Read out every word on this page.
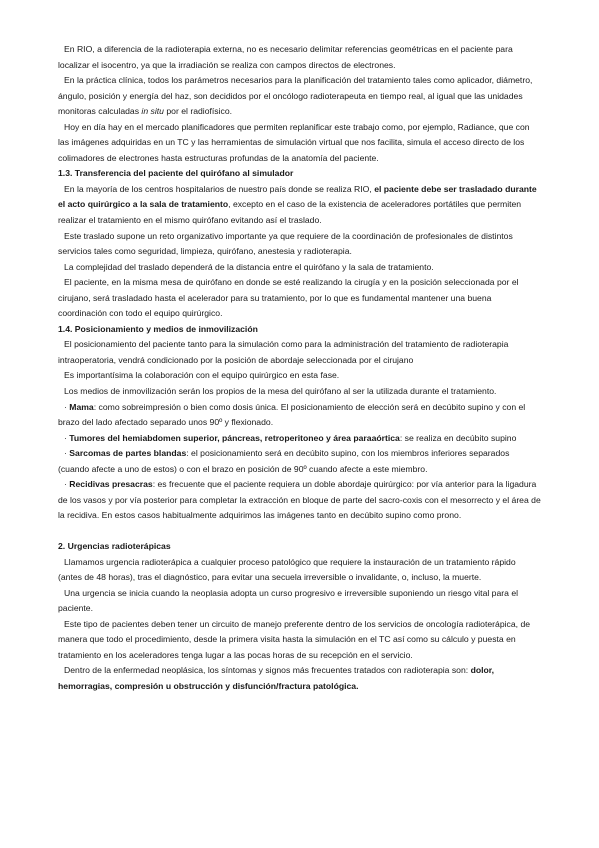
En RIO, a diferencia de la radioterapia externa, no es necesario delimitar referencias geométricas en el paciente para localizar el isocentro, ya que la irradiación se realiza con campos directos de electrones.

En la práctica clínica, todos los parámetros necesarios para la planificación del tratamiento tales como aplicador, diámetro, ángulo, posición y energía del haz, son decididos por el oncólogo radioterapeuta en tiempo real, al igual que las unidades monitoras calculadas in situ por el radiofísico.

Hoy en día hay en el mercado planificadores que permiten replanificar este trabajo como, por ejemplo, Radiance, que con las imágenes adquiridas en un TC y las herramientas de simulación virtual que nos facilita, simula el acceso directo de los colimadores de electrones hasta estructuras profundas de la anatomía del paciente.

1.3. Transferencia del paciente del quirófano al simulador

En la mayoría de los centros hospitalarios de nuestro país donde se realiza RIO, el paciente debe ser trasladado durante el acto quirúrgico a la sala de tratamiento, excepto en el caso de la existencia de aceleradores portátiles que permiten realizar el tratamiento en el mismo quirófano evitando así el traslado.

Este traslado supone un reto organizativo importante ya que requiere de la coordinación de profesionales de distintos servicios tales como seguridad, limpieza, quirófano, anestesia y radioterapia.

La complejidad del traslado dependerá de la distancia entre el quirófano y la sala de tratamiento.

El paciente, en la misma mesa de quirófano en donde se esté realizando la cirugía y en la posición seleccionada por el cirujano, será trasladado hasta el acelerador para su tratamiento, por lo que es fundamental mantener una buena coordinación con todo el equipo quirúrgico.

1.4. Posicionamiento y medios de inmovilización

El posicionamiento del paciente tanto para la simulación como para la administración del tratamiento de radioterapia intraoperatoria, vendrá condicionado por la posición de abordaje seleccionada por el cirujano

Es importantísima la colaboración con el equipo quirúrgico en esta fase.

Los medios de inmovilización serán los propios de la mesa del quirófano al ser la utilizada durante el tratamiento.

· Mama: como sobreimpresión o bien como dosis única. El posicionamiento de elección será en decúbito supino y con el brazo del lado afectado separado unos 90º y flexionado.

· Tumores del hemiabdomen superior, páncreas, retroperitoneo y área paraaórtica: se realiza en decúbito supino

· Sarcomas de partes blandas: el posicionamiento será en decúbito supino, con los miembros inferiores separados (cuando afecte a uno de estos) o con el brazo en posición de 90º cuando afecte a este miembro.

· Recidivas presacras: es frecuente que el paciente requiera un doble abordaje quirúrgico: por vía anterior para la ligadura de los vasos y por vía posterior para completar la extracción en bloque de parte del sacro-coxis con el mesorrecto y el área de la recidiva. En estos casos habitualmente adquirimos las imágenes tanto en decúbito supino como prono.

2. Urgencias radioterápicas

Llamamos urgencia radioterápica a cualquier proceso patológico que requiere la instauración de un tratamiento rápido (antes de 48 horas), tras el diagnóstico, para evitar una secuela irreversible o invalidante, o, incluso, la muerte.

Una urgencia se inicia cuando la neoplasia adopta un curso progresivo e irreversible suponiendo un riesgo vital para el paciente.

Este tipo de pacientes deben tener un circuito de manejo preferente dentro de los servicios de oncología radioterápica, de manera que todo el procedimiento, desde la primera visita hasta la simulación en el TC así como su cálculo y puesta en tratamiento en los aceleradores tenga lugar a las pocas horas de su recepción en el servicio.

Dentro de la enfermedad neoplásica, los síntomas y signos más frecuentes tratados con radioterapia son: dolor, hemorragias, compresión u obstrucción y disfunción/fractura patológica.
